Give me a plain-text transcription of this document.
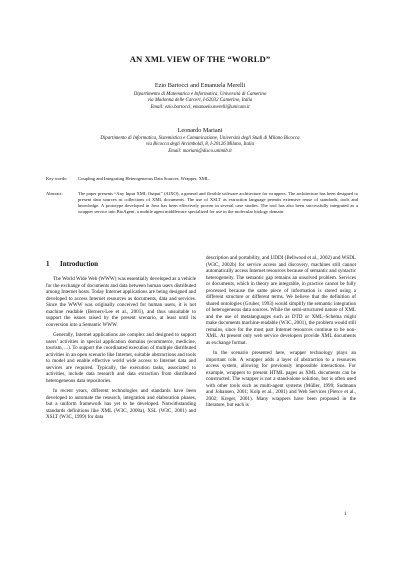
AN XML VIEW OF THE “WORLD”
Ezio Bartocci and Emanuela Merelli
Dipartimento di Matematica e Informatica, Università di Camerino
via Madonna delle Carceri, I-62032 Camerino, Italia
Email: ezio.bartocci, emanuela.merelli@unicam.it
Leonardo Mariani
Dipartimento di Informatica, Sistemistica e Comunicazione, Università degli Studi di Milano Bicocca
via Bicocca degli Arcimboldi, 8, I-20126 Milano, Italia
Email: mariani@disco.unimib.it
Key words: Coupling and Integrating Heterogeneous Data Sources, Wrapper, XML.
Abstract:	The paper presents “Any Input XML Output” (AIXO), a general and flexible software architecture for wrappers. The architecture has been designed to present data sources as collections of XML documents. The use of XSLT as extraction language permits extensive reuse of standards, tools and knowledge. A prototype developed in Java has been effectively proven in several case studies. The tool has also been successfully integrated as a wrapper service into BioAgent, a mobile agent middleware specialized for use in the molecular biology domain.
1 Introduction

The World Wide Web (WWW) was essentially developed as a vehicle for the exchange of documents and data between human users distributed among Internet hosts. Today Internet applications are being designed and developed to access Internet resources as documents, data and services. Since the WWW was originally conceived for human users, it is not machine readable (Berners-Lee et al., 2001), and thus unsuitable to support the issues raised by the present scenario, at least until its conversion into a Semantic WWW.

Generally, Internet applications are complex and designed to support users’ activities in special application domains (ecommerce, medicine, tourism, ...). To support the coordinated execution of multiple distributed activities in an open scenario like Internet, suitable abstractions and tools to model and enable effective world wide access to Internet data and services are required. Typically, the execution tasks, associated to activities, include data research and data extraction from distributed heterogeneous data repositories.

In recent years, different technologies and standards have been developed to automate the research, integration and elaboration phases, but a uniform framework has yet to be developed. Notwithstanding standards definitions like XML (W3C, 2000a), XSL (W3C, 2001) and XSLT (W3C, 1999) for data

description and portability, and UDDI (Bellwood et al., 2002) and WSDL (W3C, 2002b) for service access and discovery, machines still cannot automatically access Internet resources because of semantic and syntactic heterogeneity. The semantic gap remains an unsolved problem. Services or documents, which in theory are integrable, in practice cannot be fully processed because the same piece of information is stored using a different structure or different terms. We believe that the definition of shared ontologies (Gruber, 1993) would simplify the semantic integration of heterogeneous data sources. While the semi-structured nature of XML and the use of metalanguages such as DTD or XML–Schema might make documents machine-readable (W3C, 2001), the problem would still remains, since for the most part Internet resources continue to be non-XML. At present only web service developers provide XML documents as exchange format.

In the scenario presented here, wrapper technology plays an important role. A wrapper adds a layer of abstraction to a resources access system, allowing for previously impossible interactions. For example, wrappers to present HTML pages as XML documents can be constructed. The wrapper is not a stand-alone solution, but is often used with other tools such as multi-agent systems (Müller, 1999; Sudmann and Johansen, 2001; Kolp et al., 2001) and Web Services (Pierce et al., 2002; Kreger, 2001). Many wrappers have been proposed in the literature, but each is

1
